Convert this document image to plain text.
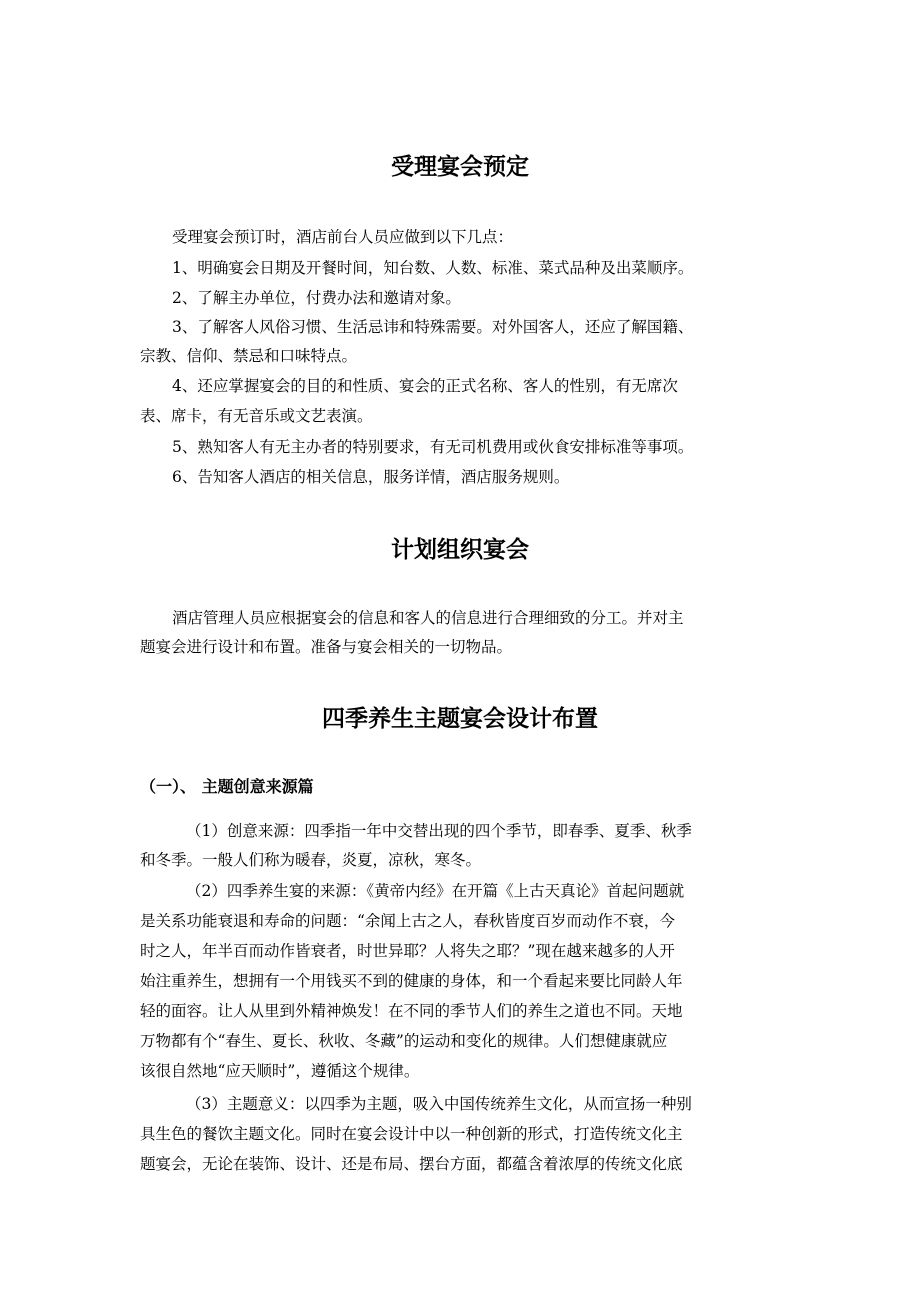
受理宴会预定
受理宴会预订时，酒店前台人员应做到以下几点：
1、明确宴会日期及开餐时间，知台数、人数、标准、菜式品种及出菜顺序。
2、了解主办单位，付费办法和邀请对象。
3、了解客人风俗习惯、生活忌讳和特殊需要。对外国客人，还应了解国籍、
宗教、信仰、禁忌和口味特点。
4、还应掌握宴会的目的和性质、宴会的正式名称、客人的性别，有无席次
表、席卡，有无音乐或文艺表演。
5、熟知客人有无主办者的特别要求，有无司机费用或伙食安排标准等事项。
6、告知客人酒店的相关信息，服务详情，酒店服务规则。
计划组织宴会
酒店管理人员应根据宴会的信息和客人的信息进行合理细致的分工。并对主
题宴会进行设计和布置。准备与宴会相关的一切物品。
四季养生主题宴会设计布置
（一）、 主题创意来源篇
（1）创意来源：四季指一年中交替出现的四个季节，即春季、夏季、秋季
和冬季。一般人们称为暖春，炎夏，凉秋，寒冬。
（2）四季养生宴的来源：《黄帝内经》在开篇《上古天真论》首起问题就
是关系功能衰退和寿命的问题：“余闻上古之人，春秋皆度百岁而动作不衰，今
时之人，年半百而动作皆衰者，时世异耶？人将失之耶？”现在越来越多的人开
始注重养生，想拥有一个用钱买不到的健康的身体，和一个看起来要比同龄人年
轻的面容。让人从里到外精神焕发！在不同的季节人们的养生之道也不同。天地
万物都有个“春生、夏长、秋收、冬藏”的运动和变化的规律。人们想健康就应
该很自然地“应天顺时”，遵循这个规律。
（3）主题意义：以四季为主题，吸入中国传统养生文化，从而宣扬一种别
具生色的餐饮主题文化。同时在宴会设计中以一种创新的形式，打造传统文化主
题宴会，无论在装饰、设计、还是布局、摆台方面，都蕴含着浓厚的传统文化底
